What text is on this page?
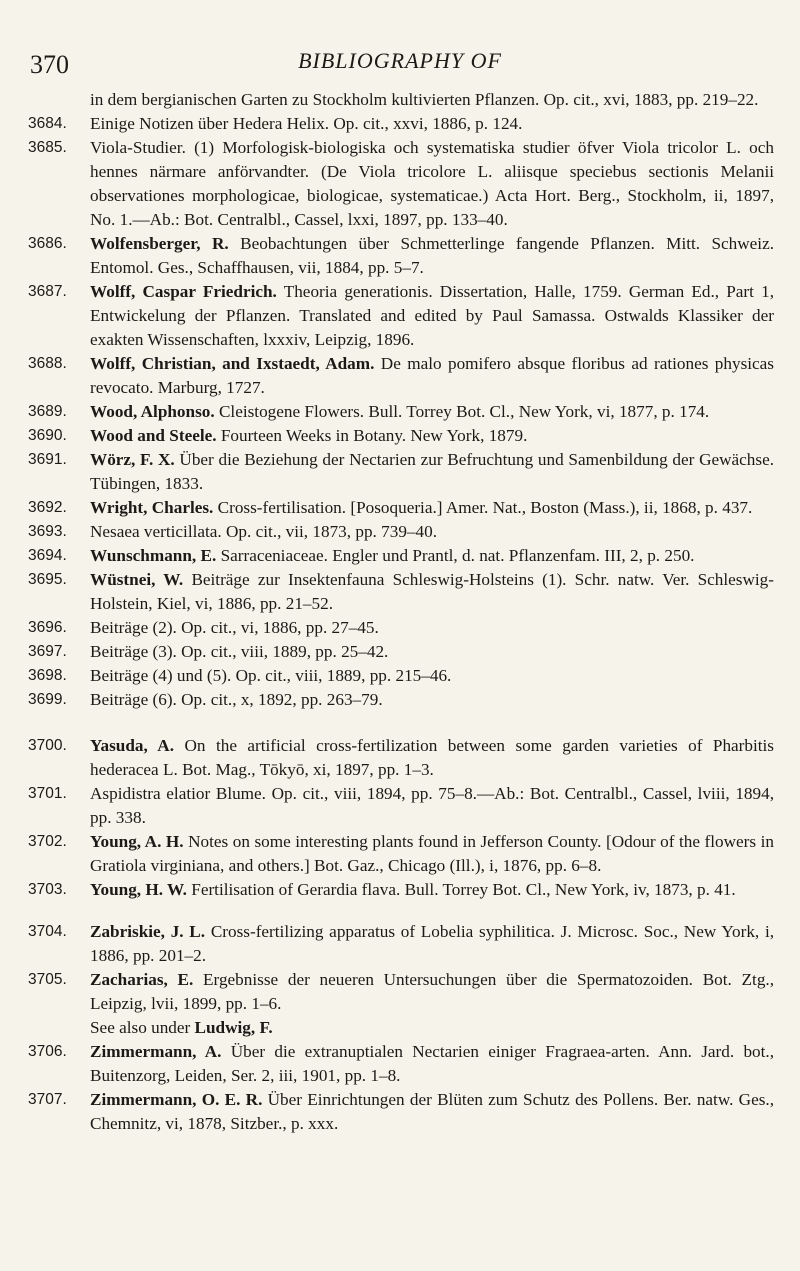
370	BIBLIOGRAPHY OF
in dem bergianischen Garten zu Stockholm kultivierten Pflanzen. Op. cit., xvi, 1883, pp. 219–22.
3684. Einige Notizen über Hedera Helix. Op. cit., xxvi, 1886, p. 124.
3685. Viola-Studier. (1) Morfologisk-biologiska och systematiska studier öfver Viola tricolor L. och hennes närmare anförvandter. (De Viola tricolore L. aliisque speciebus sectionis Melanii observationes morphologicae, biologicae, systematicae.) Acta Hort. Berg., Stockholm, ii, 1897, No. 1.—Ab.: Bot. Centralbl., Cassel, lxxi, 1897, pp. 133–40.
3686. Wolfensberger, R. Beobachtungen über Schmetterlinge fangende Pflanzen. Mitt. Schweiz. Entomol. Ges., Schaffhausen, vii, 1884, pp. 5–7.
3687. Wolff, Caspar Friedrich. Theoria generationis. Dissertation, Halle, 1759. German Ed., Part 1, Entwickelung der Pflanzen. Translated and edited by Paul Samassa. Ostwalds Klassiker der exakten Wissenschaften, lxxxiv, Leipzig, 1896.
3688. Wolff, Christian, and Ixstaedt, Adam. De malo pomifero absque floribus ad rationes physicas revocato. Marburg, 1727.
3689. Wood, Alphonso. Cleistogene Flowers. Bull. Torrey Bot. Cl., New York, vi, 1877, p. 174.
3690. Wood and Steele. Fourteen Weeks in Botany. New York, 1879.
3691. Wörz, F. X. Über die Beziehung der Nectarien zur Befruchtung und Samenbildung der Gewächse. Tübingen, 1833.
3692. Wright, Charles. Cross-fertilisation. [Posoqueria.] Amer. Nat., Boston (Mass.), ii, 1868, p. 437.
3693. Nesaea verticillata. Op. cit., vii, 1873, pp. 739–40.
3694. Wunschmann, E. Sarraceniaceae. Engler und Prantl, d. nat. Pflanzenfam. III, 2, p. 250.
3695. Wüstnei, W. Beiträge zur Insektenfauna Schleswig-Holsteins (1). Schr. natw. Ver. Schleswig-Holstein, Kiel, vi, 1886, pp. 21–52.
3696. Beiträge (2). Op. cit., vi, 1886, pp. 27–45.
3697. Beiträge (3). Op. cit., viii, 1889, pp. 25–42.
3698. Beiträge (4) und (5). Op. cit., viii, 1889, pp. 215–46.
3699. Beiträge (6). Op. cit., x, 1892, pp. 263–79.
3700. Yasuda, A. On the artificial cross-fertilization between some garden varieties of Pharbitis hederacea L. Bot. Mag., Tōkyō, xi, 1897, pp. 1–3.
3701. Aspidistra elatior Blume. Op. cit., viii, 1894, pp. 75–8.—Ab.: Bot. Centralbl., Cassel, lviii, 1894, pp. 338.
3702. Young, A. H. Notes on some interesting plants found in Jefferson County. [Odour of the flowers in Gratiola virginiana, and others.] Bot. Gaz., Chicago (Ill.), i, 1876, pp. 6–8.
3703. Young, H. W. Fertilisation of Gerardia flava. Bull. Torrey Bot. Cl., New York, iv, 1873, p. 41.
3704. Zabriskie, J. L. Cross-fertilizing apparatus of Lobelia syphilitica. J. Microsc. Soc., New York, i, 1886, pp. 201–2.
3705. Zacharias, E. Ergebnisse der neueren Untersuchungen über die Spermatozoiden. Bot. Ztg., Leipzig, lvii, 1899, pp. 1–6.
See also under Ludwig, F.
3706. Zimmermann, A. Über die extranuptialen Nectarien einiger Fragraea-arten. Ann. Jard. bot., Buitenzorg, Leiden, Ser. 2, iii, 1901, pp. 1–8.
3707. Zimmermann, O. E. R. Über Einrichtungen der Blüten zum Schutz des Pollens. Ber. natw. Ges., Chemnitz, vi, 1878, Sitzber., p. xxx.
